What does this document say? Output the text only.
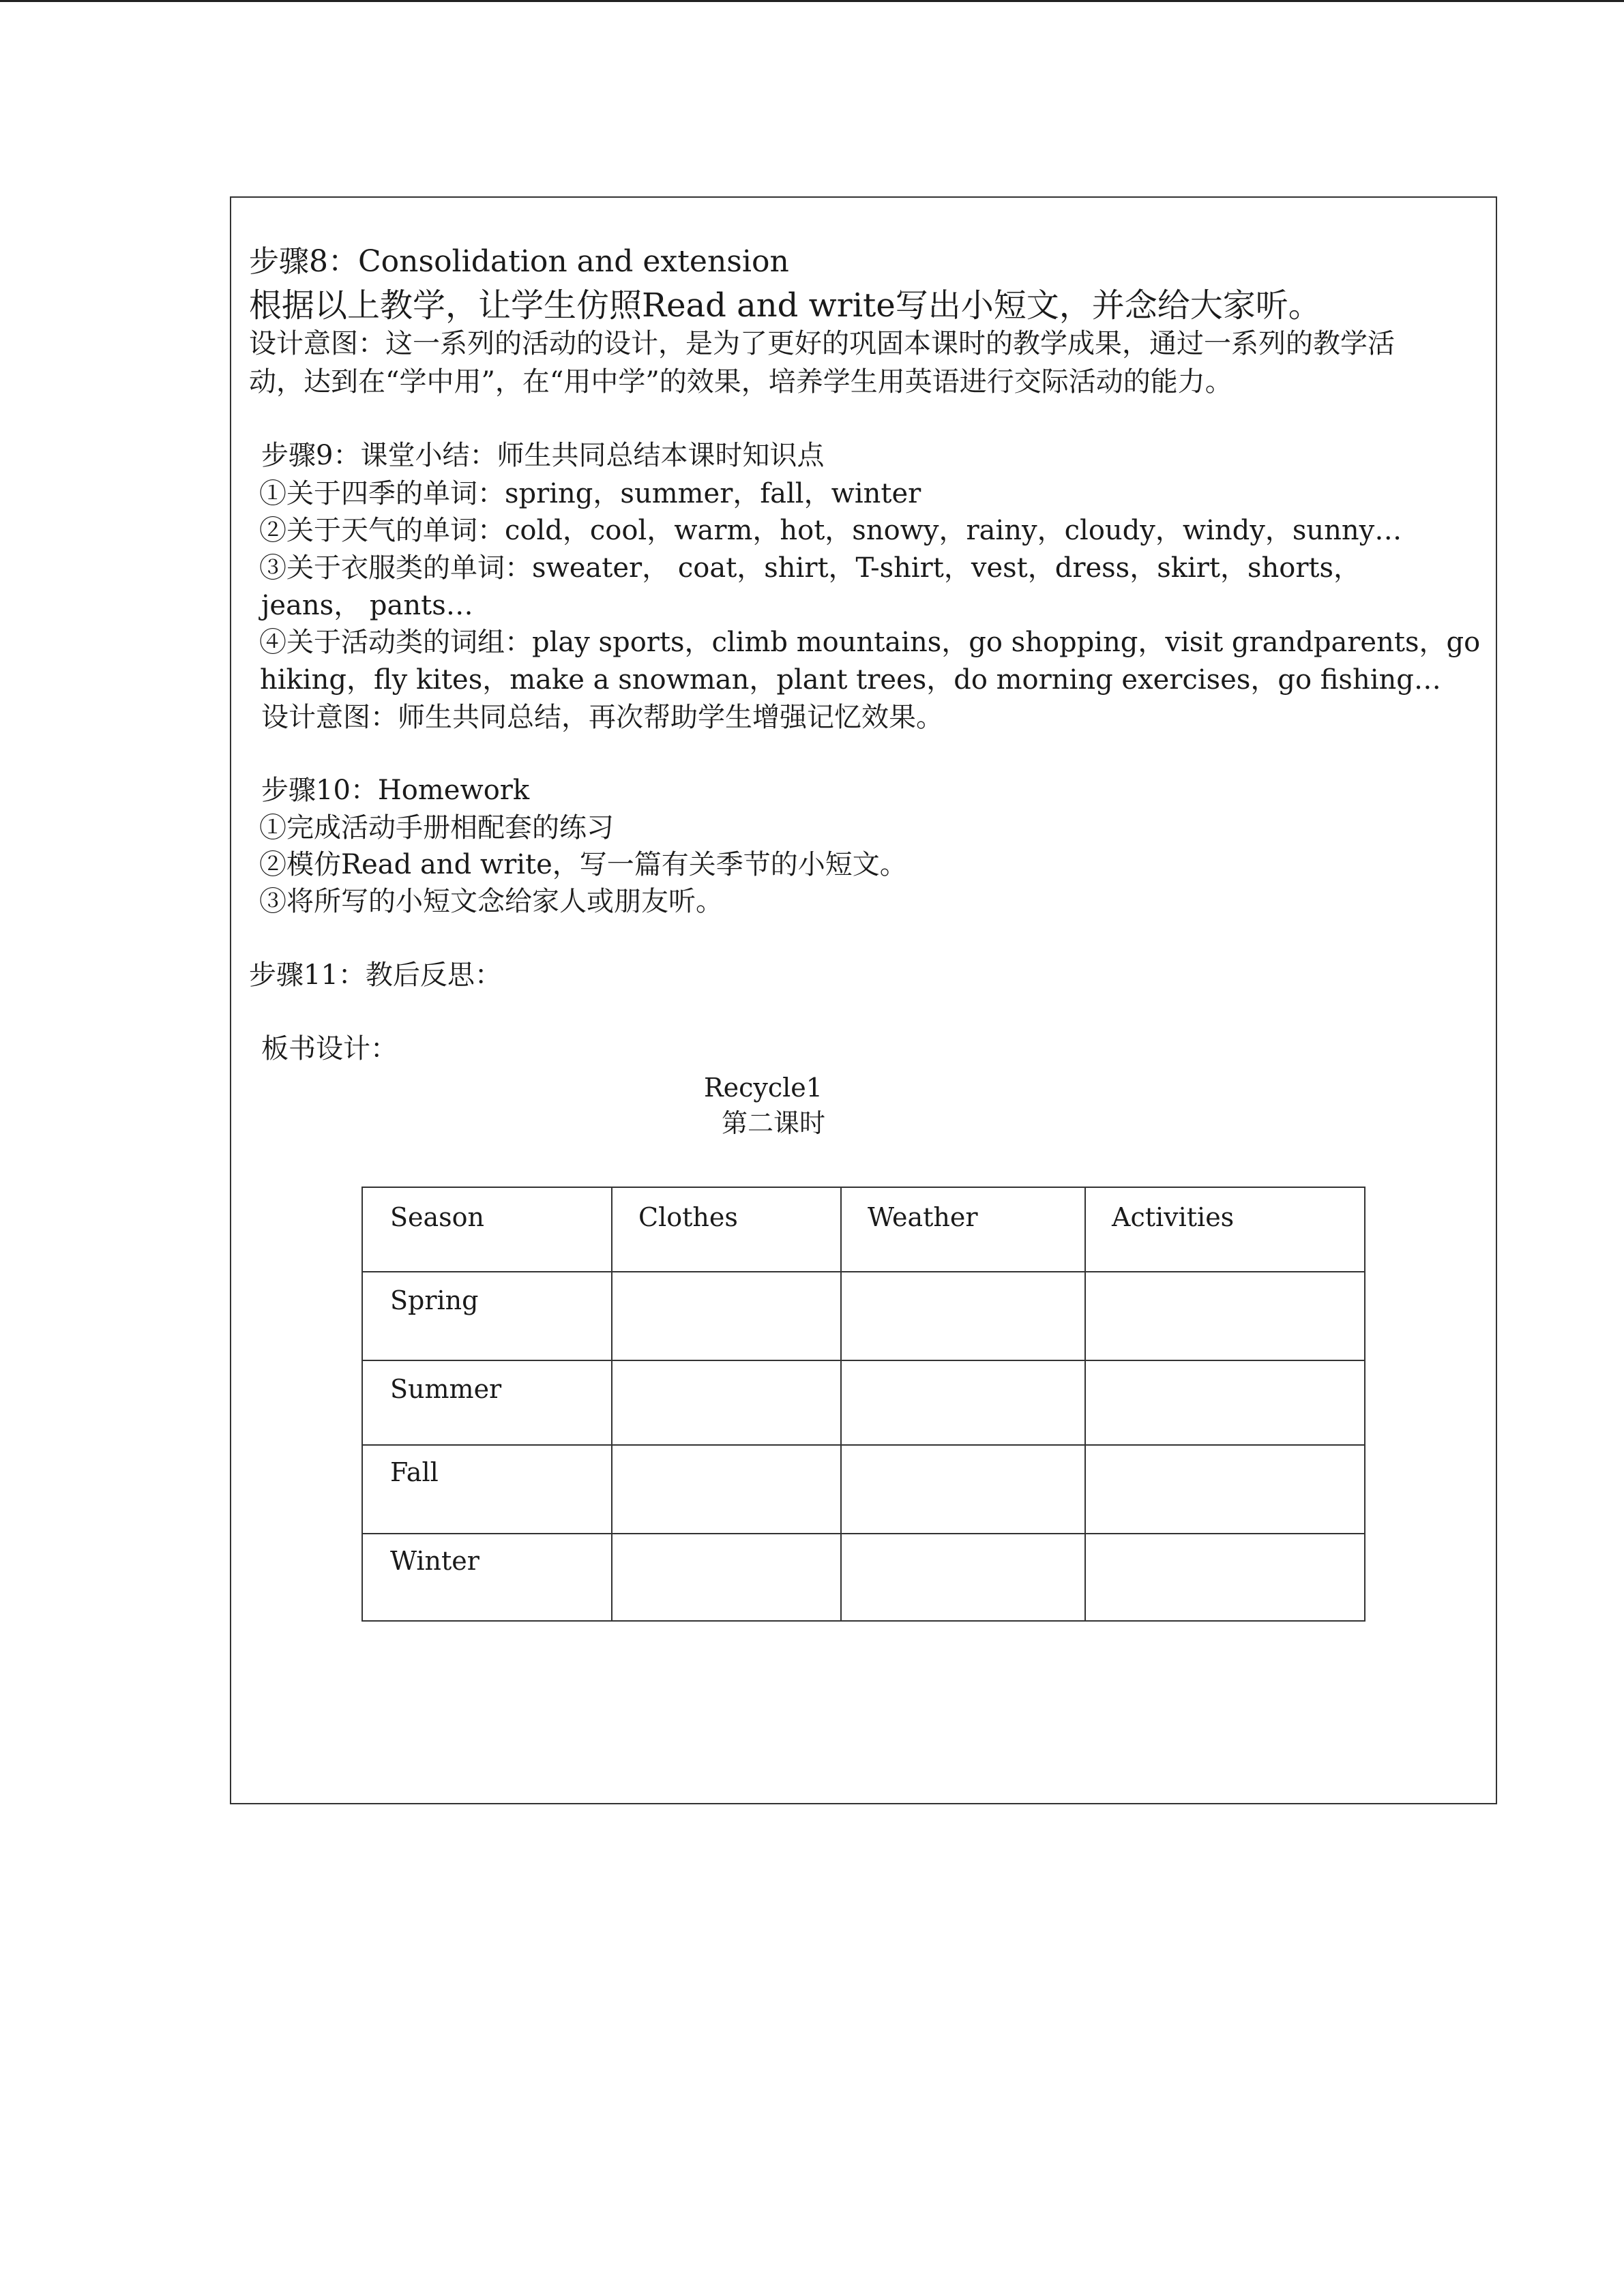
步骤8：Consolidation and extension
根据以上教学，让学生仿照Read and write写出小短文，并念给大家听。
设计意图：这一系列的活动的设计，是为了更好的巩固本课时的教学成果，通过一系列的教学活
动，达到在“学中用”，在“用中学”的效果，培养学生用英语进行交际活动的能力。
步骤9：课堂小结：师生共同总结本课时知识点
①关于四季的单词：spring，summer，fall，winter
②关于天气的单词：cold，cool，warm，hot，snowy，rainy，cloudy，windy，sunny…
③关于衣服类的单词：sweater， coat，shirt，T-shirt，vest，dress，skirt，shorts，
jeans， pants…
④关于活动类的词组：play sports，climb mountains，go shopping，visit grandparents，go
hiking，fly kites，make a snowman，plant trees，do morning exercises，go fishing…
设计意图：师生共同总结，再次帮助学生增强记忆效果。
步骤10：Homework
①完成活动手册相配套的练习
②模仿Read and write，写一篇有关季节的小短文。
③将所写的小短文念给家人或朋友听。
步骤11：教后反思：
板书设计：
Recycle1
第二课时
Season	Clothes	Weather	Activities
Spring
Summer
Fall
Winter
